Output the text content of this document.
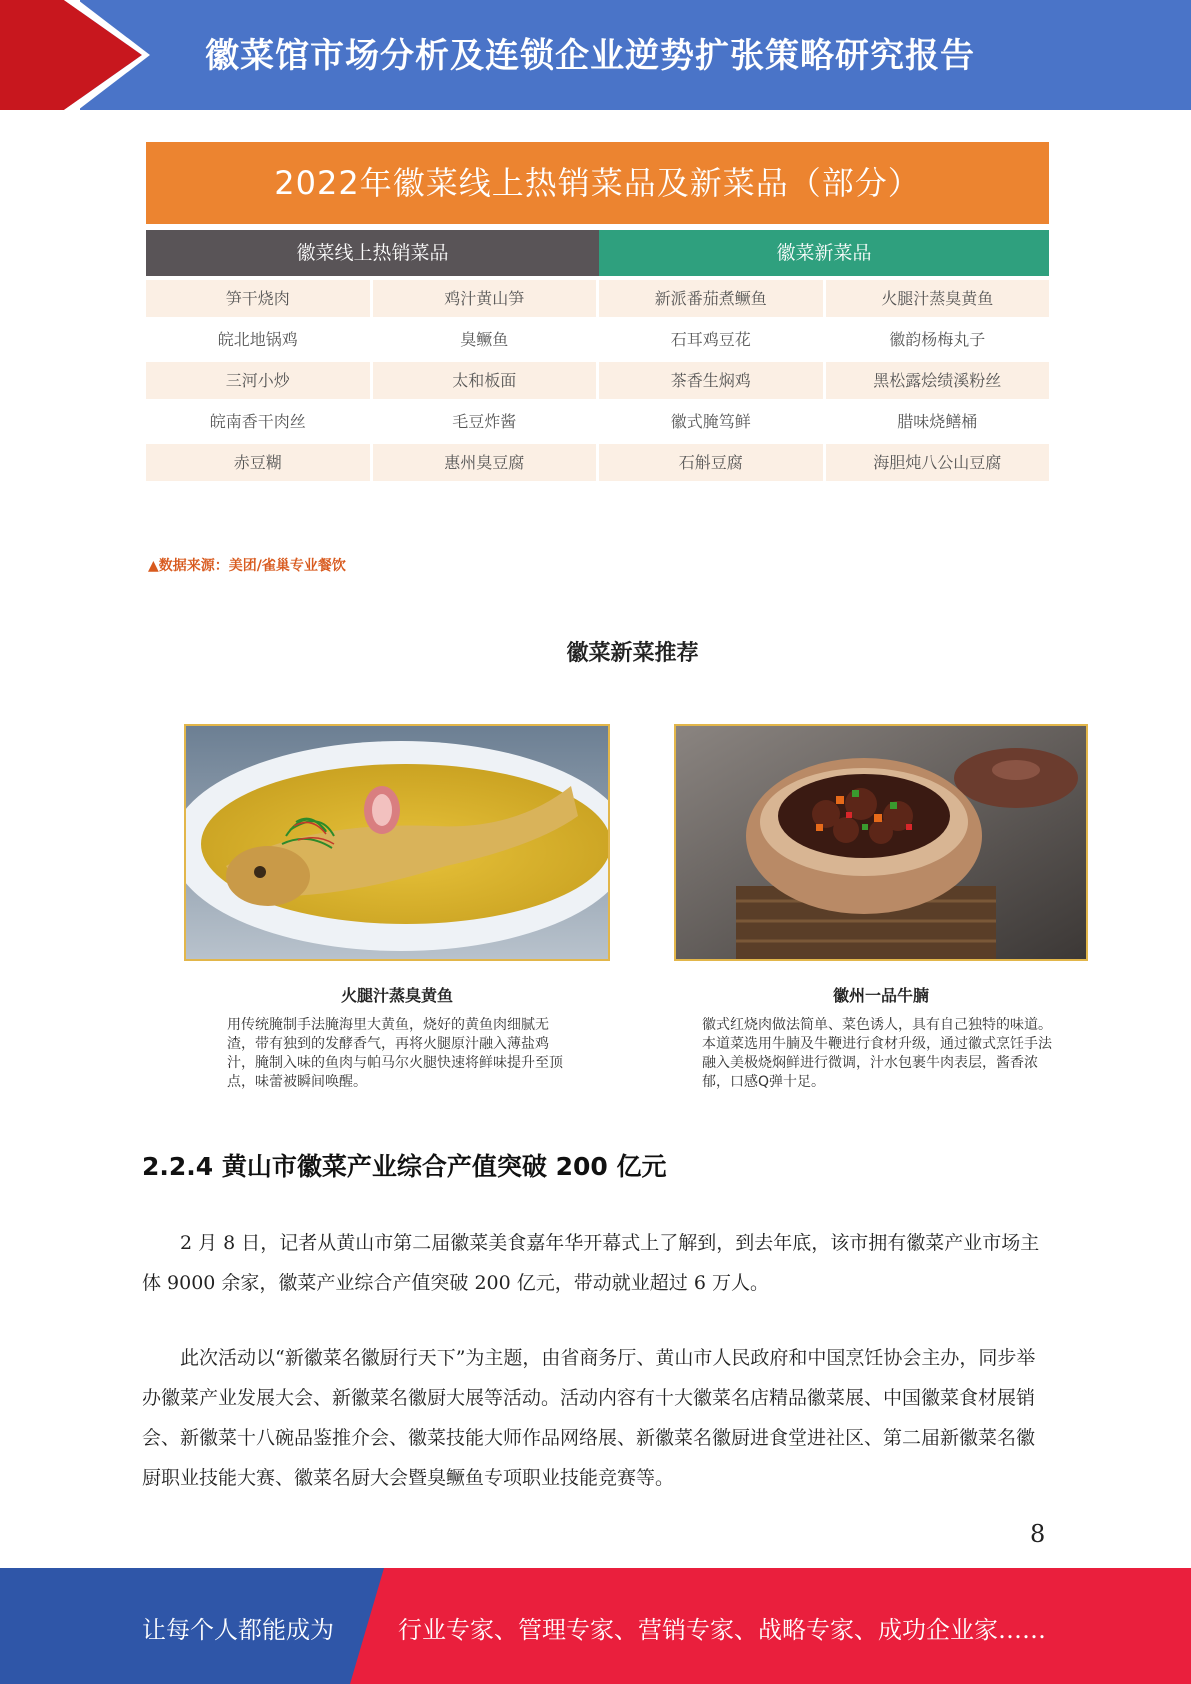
徽菜馆市场分析及连锁企业逆势扩张策略研究报告
2022年徽菜线上热销菜品及新菜品（部分）
徽菜线上热销菜品	徽菜新菜品
笋干烧肉	鸡汁黄山笋	新派番茄煮鳜鱼	火腿汁蒸臭黄鱼
皖北地锅鸡	臭鳜鱼	石耳鸡豆花	徽韵杨梅丸子
三河小炒	太和板面	茶香生焖鸡	黑松露烩绩溪粉丝
皖南香干肉丝	毛豆炸酱	徽式腌笃鲜	腊味烧鳝桶
赤豆糊	惠州臭豆腐	石斛豆腐	海胆炖八公山豆腐
▲数据来源：美团/雀巢专业餐饮
徽菜新菜推荐
火腿汁蒸臭黄鱼
用传统腌制手法腌海里大黄鱼，烧好的黄鱼肉细腻无渣，带有独到的发酵香气，再将火腿原汁融入薄盐鸡汁，腌制入味的鱼肉与帕马尔火腿快速将鲜味提升至顶点，味蕾被瞬间唤醒。
徽州一品牛腩
徽式红烧肉做法简单、菜色诱人，具有自己独特的味道。本道菜选用牛腩及牛鞭进行食材升级，通过徽式烹饪手法融入美极烧焖鲜进行微调，汁水包裹牛肉表层，酱香浓郁，口感Q弹十足。
2.2.4 黄山市徽菜产业综合产值突破 200 亿元

2 月 8 日，记者从黄山市第二届徽菜美食嘉年华开幕式上了解到，到去年底，该市拥有徽菜产业市场主体 9000 余家，徽菜产业综合产值突破 200 亿元，带动就业超过 6 万人。

此次活动以“新徽菜名徽厨行天下”为主题，由省商务厅、黄山市人民政府和中国烹饪协会主办，同步举办徽菜产业发展大会、新徽菜名徽厨大展等活动。活动内容有十大徽菜名店精品徽菜展、中国徽菜食材展销会、新徽菜十八碗品鉴推介会、徽菜技能大师作品网络展、新徽菜名徽厨进食堂进社区、第二届新徽菜名徽厨职业技能大赛、徽菜名厨大会暨臭鳜鱼专项职业技能竞赛等。

8
让每个人都能成为	行业专家、管理专家、营销专家、战略专家、成功企业家……
